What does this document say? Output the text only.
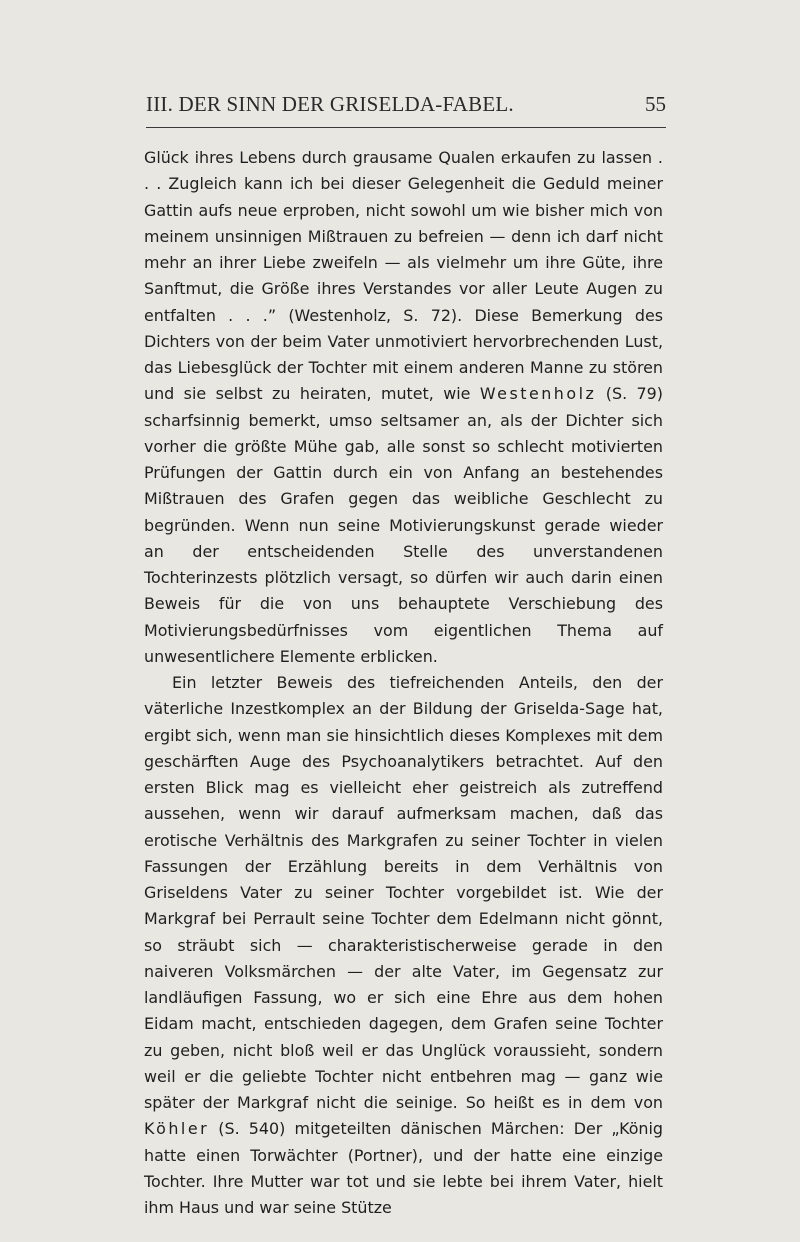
III. DER SINN DER GRISELDA-FABEL.	55

Glück ihres Lebens durch grausame Qualen erkaufen zu lassen . . . Zugleich kann ich bei dieser Gelegenheit die Geduld meiner Gattin aufs neue erproben, nicht sowohl um wie bisher mich von meinem unsinnigen Mißtrauen zu befreien — denn ich darf nicht mehr an ihrer Liebe zweifeln — als vielmehr um ihre Güte, ihre Sanftmut, die Größe ihres Verstandes vor aller Leute Augen zu entfalten . . .” (Westenholz, S. 72). Diese Bemerkung des Dichters von der beim Vater unmotiviert hervorbrechenden Lust, das Liebesglück der Tochter mit einem anderen Manne zu stören und sie selbst zu heiraten, mutet, wie Westenholz (S. 79) scharfsinnig bemerkt, umso seltsamer an, als der Dichter sich vorher die größte Mühe gab, alle sonst so schlecht motivierten Prüfungen der Gattin durch ein von Anfang an bestehendes Mißtrauen des Grafen gegen das weibliche Geschlecht zu begründen. Wenn nun seine Motivierungskunst gerade wieder an der entscheidenden Stelle des unverstandenen Tochterinzests plötzlich versagt, so dürfen wir auch darin einen Beweis für die von uns behauptete Verschiebung des Motivierungsbedürfnisses vom eigentlichen Thema auf unwesentlichere Elemente erblicken.

Ein letzter Beweis des tiefreichenden Anteils, den der väterliche Inzestkomplex an der Bildung der Griselda-Sage hat, ergibt sich, wenn man sie hinsichtlich dieses Komplexes mit dem geschärften Auge des Psychoanalytikers betrachtet. Auf den ersten Blick mag es vielleicht eher geistreich als zutreffend aussehen, wenn wir darauf aufmerksam machen, daß das erotische Verhältnis des Markgrafen zu seiner Tochter in vielen Fassungen der Erzählung bereits in dem Verhältnis von Griseldens Vater zu seiner Tochter vorgebildet ist. Wie der Markgraf bei Perrault seine Tochter dem Edelmann nicht gönnt, so sträubt sich — charakteristischerweise gerade in den naiveren Volksmärchen — der alte Vater, im Gegensatz zur landläufigen Fassung, wo er sich eine Ehre aus dem hohen Eidam macht, entschieden dagegen, dem Grafen seine Tochter zu geben, nicht bloß weil er das Unglück voraussieht, sondern weil er die geliebte Tochter nicht entbehren mag — ganz wie später der Markgraf nicht die seinige. So heißt es in dem von Köhler (S. 540) mitgeteilten dänischen Märchen: Der „König hatte einen Torwächter (Portner), und der hatte eine einzige Tochter. Ihre Mutter war tot und sie lebte bei ihrem Vater, hielt ihm Haus und war seine Stütze
